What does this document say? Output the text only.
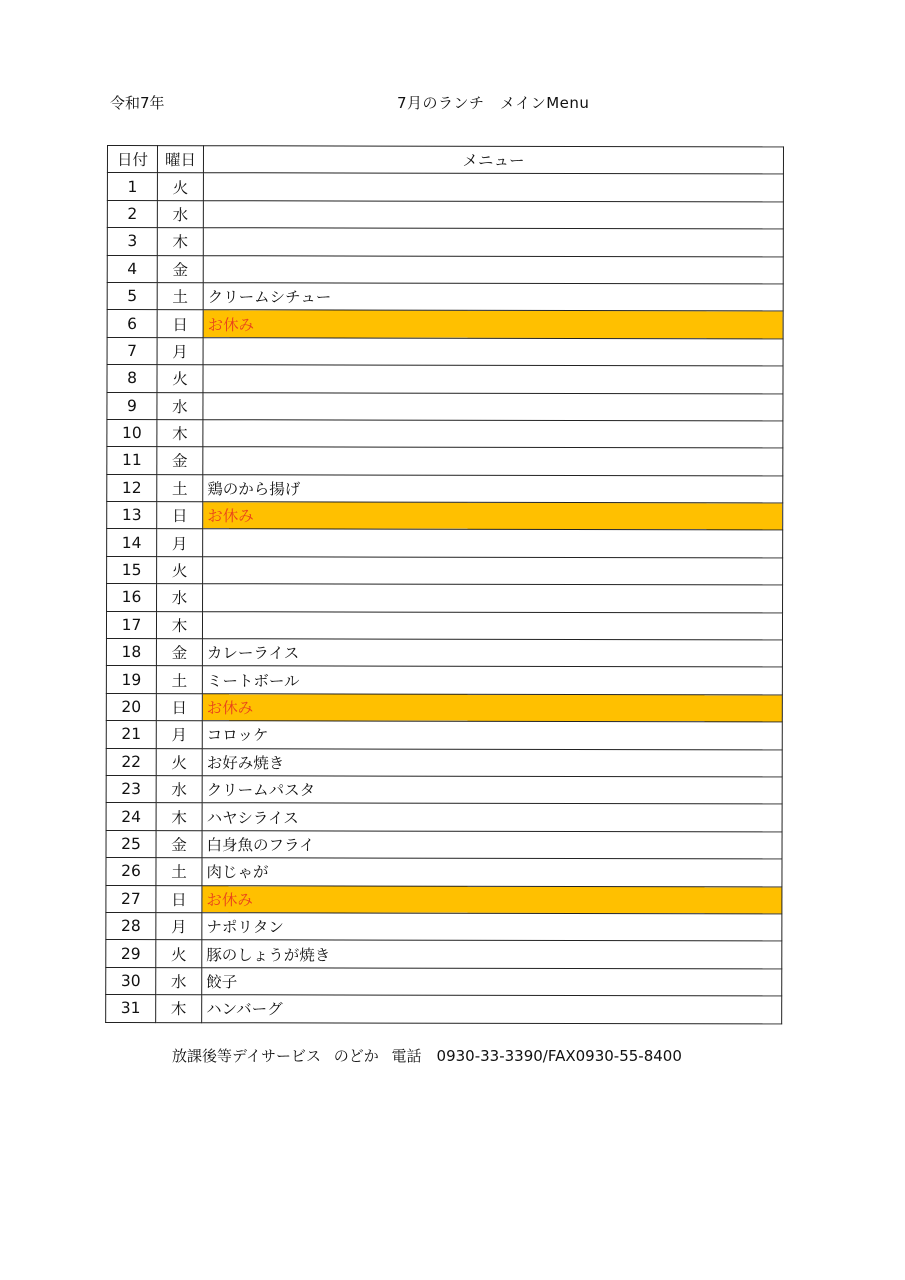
令和7年	7月のランチ　メインMenu
日付	曜日	メニュー
1	火	
2	水	
3	木	
4	金	
5	土	クリームシチュー
6	日	お休み
7	月	
8	火	
9	水	
10	木	
11	金	
12	土	鶏のから揚げ
13	日	お休み
14	月	
15	火	
16	水	
17	木	
18	金	カレーライス
19	土	ミートボール
20	日	お休み
21	月	コロッケ
22	火	お好み焼き
23	水	クリームパスタ
24	木	ハヤシライス
25	金	白身魚のフライ
26	土	肉じゃが
27	日	お休み
28	月	ナポリタン
29	火	豚のしょうが焼き
30	水	餃子
31	木	ハンバーグ
放課後等デイサービス のどか 電話　0930-33-3390/FAX0930-55-8400
